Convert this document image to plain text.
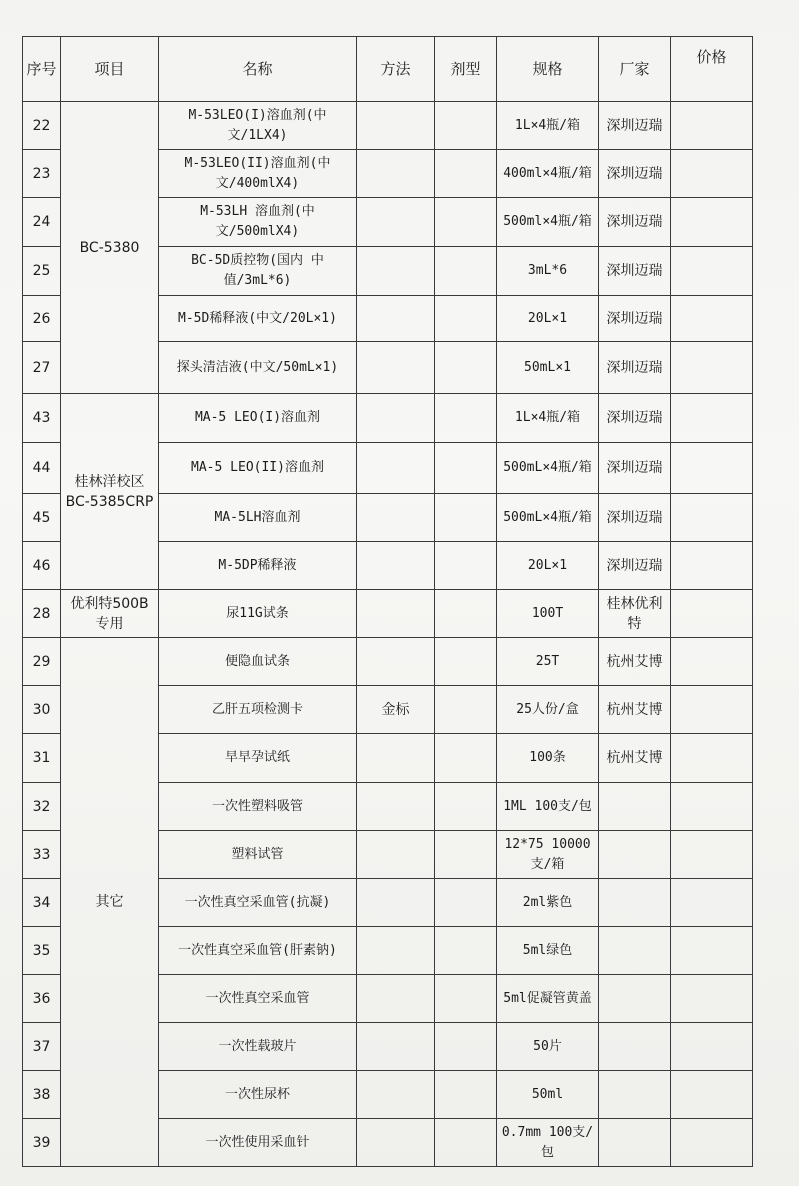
序号	项目	名称	方法	剂型	规格	厂家	价格
22	BC-5380	M-53LEO(I)溶血剂(中文/1LX4)			1L×4瓶/箱	深圳迈瑞	
23		M-53LEO(II)溶血剂(中文/400mlX4)			400ml×4瓶/箱	深圳迈瑞	
24		M-53LH 溶血剂(中文/500mlX4)			500ml×4瓶/箱	深圳迈瑞	
25		BC-5D质控物(国内 中值/3mL*6)			3mL*6	深圳迈瑞	
26		M-5D稀释液(中文/20L×1)			20L×1	深圳迈瑞	
27		探头清洁液(中文/50mL×1)			50mL×1	深圳迈瑞	
43	桂林洋校区BC-5385CRP	MA-5 LEO(I)溶血剂			1L×4瓶/箱	深圳迈瑞	
44		MA-5 LEO(II)溶血剂			500mL×4瓶/箱	深圳迈瑞	
45		MA-5LH溶血剂			500mL×4瓶/箱	深圳迈瑞	
46		M-5DP稀释液			20L×1	深圳迈瑞	
28	优利特500B专用	尿11G试条			100T	桂林优利特	
29	其它	便隐血试条			25T	杭州艾博	
30		乙肝五项检测卡	金标		25人份/盒	杭州艾博	
31		早早孕试纸			100条	杭州艾博	
32		一次性塑料吸管			1ML 100支/包		
33		塑料试管			12*75 10000支/箱		
34		一次性真空采血管(抗凝)			2ml紫色		
35		一次性真空采血管(肝素钠)			5ml绿色		
36		一次性真空采血管			5ml促凝管黄盖		
37		一次性载玻片			50片		
38		一次性尿杯			50ml		
39		一次性使用采血针			0.7mm 100支/包		
